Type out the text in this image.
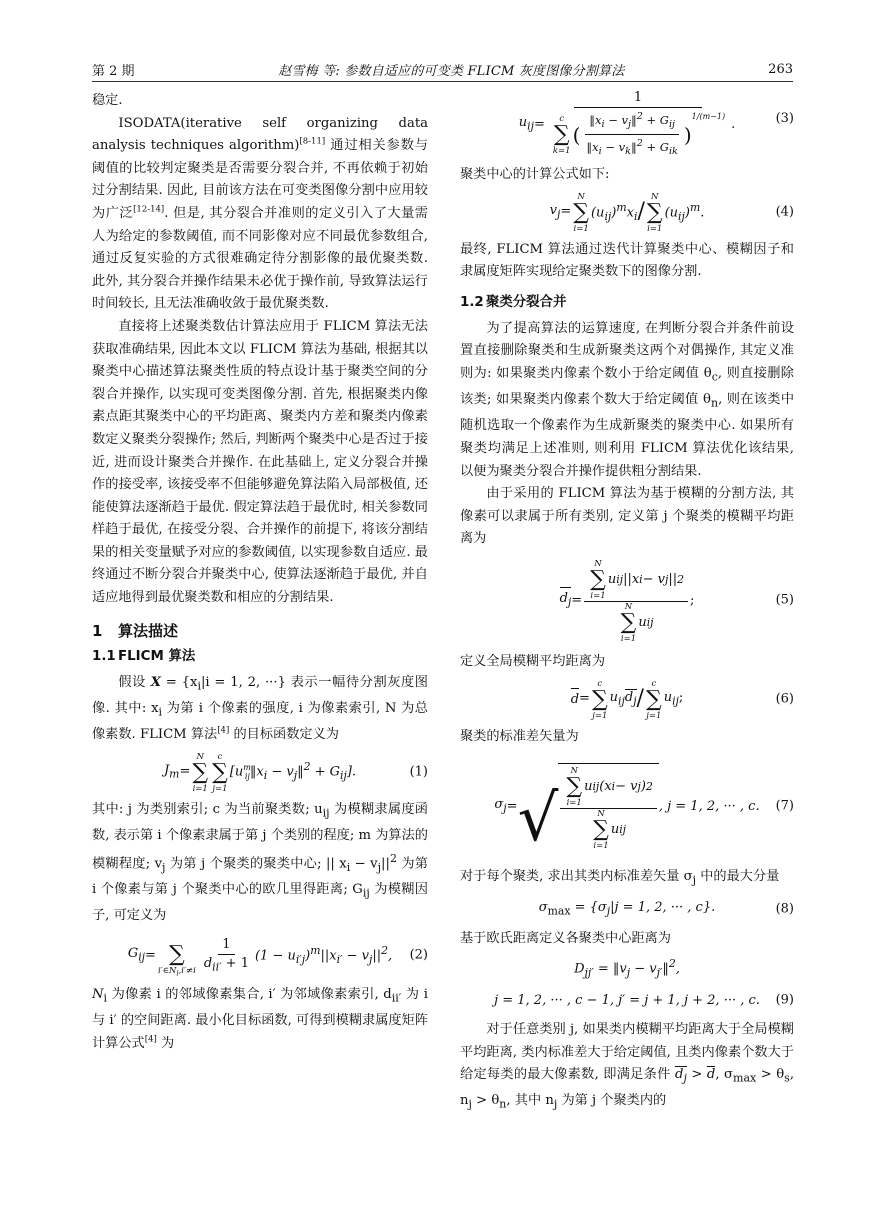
第 2 期	赵雪梅 等: 参数自适应的可变类 FLICM 灰度图像分割算法	263

稳定.

ISODATA(iterative self organizing data analysis techniques algorithm)[8-11] 通过相关参数与阈值的比较判定聚类是否需要分裂合并, 不再依赖于初始过分割结果. 因此, 目前该方法在可变类图像分割中应用较为广泛[12-14]. 但是, 其分裂合并准则的定义引入了大量需人为给定的参数阈值, 而不同影像对应不同最优参数组合, 通过反复实验的方式很难确定待分割影像的最优聚类数. 此外, 其分裂合并操作结果未必优于操作前, 导致算法运行时间较长, 且无法准确收敛于最优聚类数.

直接将上述聚类数估计算法应用于 FLICM 算法无法获取准确结果, 因此本文以 FLICM 算法为基础, 根据其以聚类中心描述算法聚类性质的特点设计基于聚类空间的分裂合并操作, 以实现可变类图像分割. 首先, 根据聚类内像素点距其聚类中心的平均距离、聚类内方差和聚类内像素数定义聚类分裂操作; 然后, 判断两个聚类中心是否过于接近, 进而设计聚类合并操作. 在此基础上, 定义分裂合并操作的接受率, 该接受率不但能够避免算法陷入局部极值, 还能使算法逐渐趋于最优. 假定算法趋于最优时, 相关参数同样趋于最优, 在接受分裂、合并操作的前提下, 将该分割结果的相关变量赋予对应的参数阈值, 以实现参数自适应. 最终通过不断分裂合并聚类中心, 使算法逐渐趋于最优, 并自适应地得到最优聚类数和相应的分割结果.

1 算法描述
1.1 FLICM 算法

假设 $X = \{x_i|i = 1$, 2, ···} 表示一幅待分割灰度图像. 其中: $x_i$ 为第 i 个像素的强度, i 为像素索引, N 为总像素数. FLICM 算法[4] 的目标函数定义为

$J_m$ =
N
∑
i=1
c
∑
j=1
[$u^m_{ij}‖x_i$ − $v_j‖^2 + G_{ij}$].	(1)

其中: j 为类别索引; c 为当前聚类数; $u_{ij}$ 为模糊隶属度函数, 表示第 i 个像素隶属于第 j 个类别的程度; m 为算法的模糊程度; $v_j$ 为第 j 个聚类的聚类中心; || $x_i - v_j||^2$ 为第 i 个像素与第 j 个聚类中心的欧几里得距离; $G_{ij}$ 为模糊因子, 可定义为

$G_{ij}$ =
∑
$i'\in N_i,i'\ne i \frac{1}{d_{ii'} + 1} (1 - u_{i'j})^m||x_{i'} - v_j||^2$, (2)

$N_i$ 为像素 i 的邻域像素集合, i′ 为邻域像素索引, $d_{ii'}$ 为 i 与 i′ 的空间距离. 最小化目标函数, 可得到模糊隶属度矩阵计算公式[4] 为

$u_{ij}$ =
1
c
∑
k=1
( $\frac{‖x_i - v_j‖^2 + G_{ij}}{‖x_i - v_k‖^2 + G_{ik}}$ )
$^{1/(m-1)}$
.	(3)

聚类中心的计算公式如下:

$v_j$ =
N
∑
i=1
$(u_{ij})^mx_i$ /
N
∑
i=1
$(u_{ij})^m$.	(4)

最终, FLICM 算法通过迭代计算聚类中心、模糊因子和隶属度矩阵实现给定聚类数下的图像分割.

1.2 聚类分裂合并

为了提高算法的运算速度, 在判断分裂合并条件前设置直接删除聚类和生成新聚类这两个对偶操作, 其定义准则为: 如果聚类内像素个数小于给定阈值 $\theta_c$, 则直接删除该类; 如果聚类内像素个数大于给定阈值 $\theta_n$, 则在该类中随机选取一个像素作为生成新聚类的聚类中心. 如果所有聚类均满足上述准则, 则利用 FLICM 算法优化该结果, 以便为聚类分裂合并操作提供粗分割结果.

由于采用的 FLICM 算法为基于模糊的分割方法, 其像素可以隶属于所有类别, 定义第 j 个聚类的模糊平均距离为

$d_j = N$
∑
i=1
u ij ||x i − v j || 2
N
∑
i=1
u ij ;	(5)

定义全局模糊平均距离为

d =
c
∑
j=1
$u_{ij}d_j$ /
c
∑
j=1
$u_{ij}$;	(6)

聚类的标准差矢量为

$\sigma_j$ = √ N
∑
i=1
u ij (x i − v j ) 2
N
∑
i=1
u ij , j = 1, 2, ··· , c. (7)

对于每个聚类, 求出其类内标准差矢量 $\sigma_j$ 中的最大分量

$\sigma_{max} = \{\sigma_j|j = 1$, 2, ··· , c}.	(8)

基于欧氏距离定义各聚类中心距离为

$D_{jj'}$ = $‖v_j$ − $v_{j'}‖^2$,
j = 1, 2, ··· , c − 1, j′ = j + 1, j + 2, ··· , c. (9)

对于任意类别 j, 如果类内模糊平均距离大于全局模糊平均距离, 类内标准差大于给定阈值, 且类内像素个数大于给定每类的最大像素数, 即满足条件 $d_j > d$, $\sigma_{max} > \theta_s$, $n_j > \theta_n$, 其中 $n_j$ 为第 j 个聚类内的
